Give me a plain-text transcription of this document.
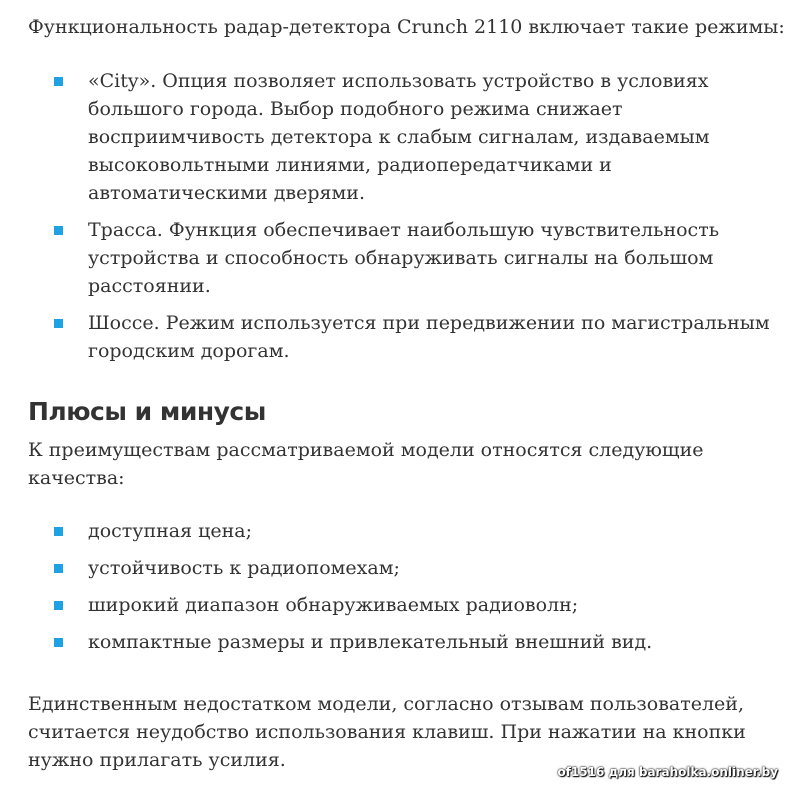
Функциональность радар-детектора Crunch 2110 включает такие режимы:

«City». Опция позволяет использовать устройство в условиях большого города. Выбор подобного режима снижает восприимчивость детектора к слабым сигналам, издаваемым высоковольтными линиями, радиопередатчиками и автоматическими дверями.
Трасса. Функция обеспечивает наибольшую чувствительность устройства и способность обнаруживать сигналы на большом расстоянии.
Шоссе. Режим используется при передвижении по магистральным городским дорогам.
Плюсы и минусы

К преимуществам рассматриваемой модели относятся следующие качества:

доступная цена;
устойчивость к радиопомехам;
широкий диапазон обнаруживаемых радиоволн;
компактные размеры и привлекательный внешний вид.

Единственным недостатком модели, согласно отзывам пользователей, считается неудобство использования клавиш. При нажатии на кнопки нужно прилагать усилия.

of1516 для baraholka.onliner.by
